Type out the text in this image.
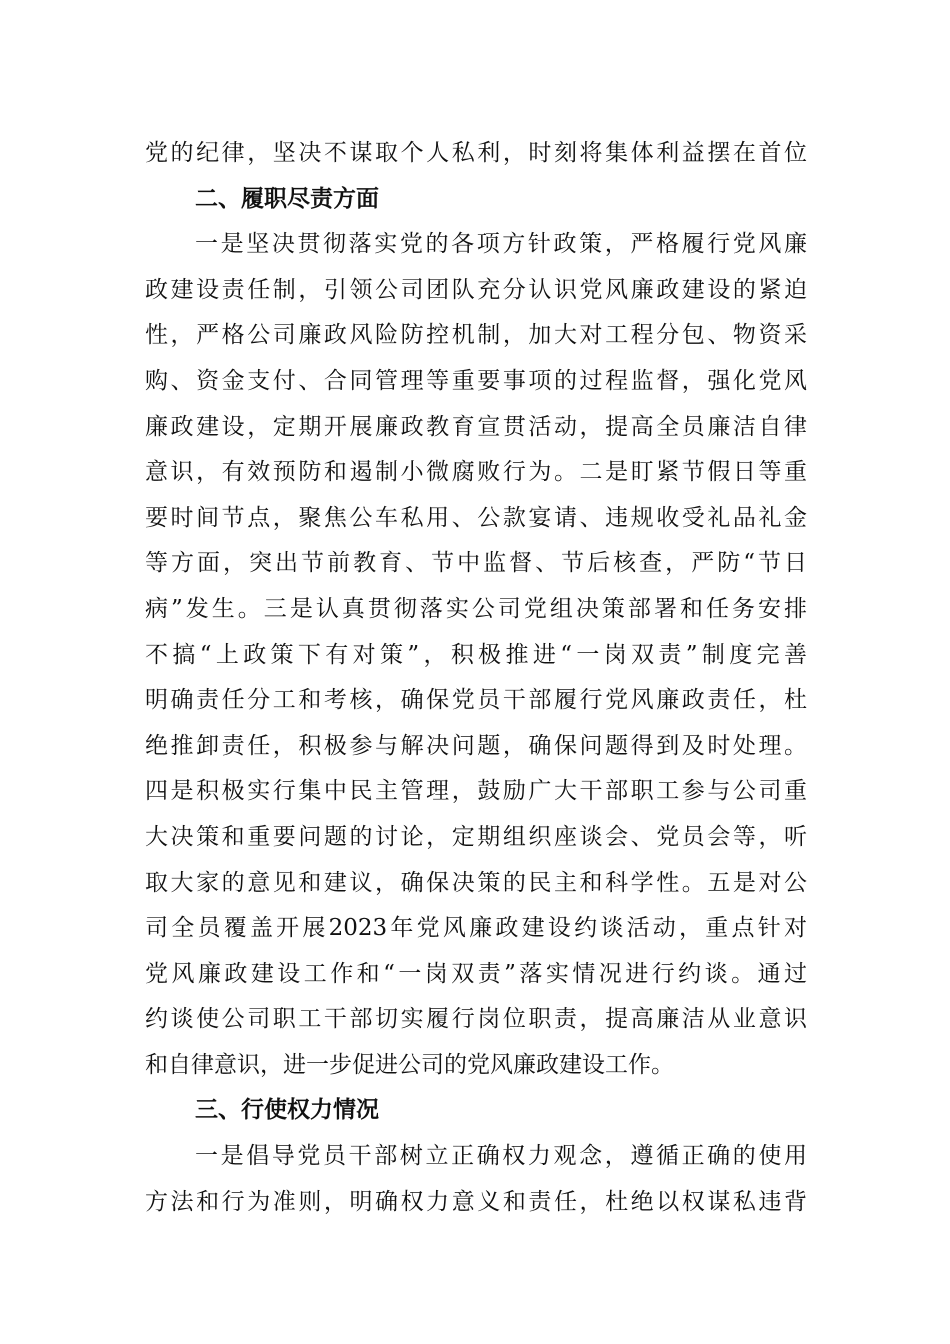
党的纪律，坚决不谋取个人私利，时刻将集体利益摆在首位
二、履职尽责方面
一是坚决贯彻落实党的各项方针政策，严格履行党风廉
政建设责任制，引领公司团队充分认识党风廉政建设的紧迫
性，严格公司廉政风险防控机制，加大对工程分包、物资采
购、资金支付、合同管理等重要事项的过程监督，强化党风
廉政建设，定期开展廉政教育宣贯活动，提高全员廉洁自律
意识，有效预防和遏制小微腐败行为。二是盯紧节假日等重
要时间节点，聚焦公车私用、公款宴请、违规收受礼品礼金
等方面，突出节前教育、节中监督、节后核查，严防“节日
病”发生。三是认真贯彻落实公司党组决策部署和任务安排
不搞“上政策下有对策”，积极推进“一岗双责”制度完善
明确责任分工和考核，确保党员干部履行党风廉政责任，杜
绝推卸责任，积极参与解决问题，确保问题得到及时处理。
四是积极实行集中民主管理，鼓励广大干部职工参与公司重
大决策和重要问题的讨论，定期组织座谈会、党员会等，听
取大家的意见和建议，确保决策的民主和科学性。五是对公
司全员覆盖开展2023年党风廉政建设约谈活动，重点针对
党风廉政建设工作和“一岗双责”落实情况进行约谈。通过
约谈使公司职工干部切实履行岗位职责，提高廉洁从业意识
和自律意识，进一步促进公司的党风廉政建设工作。
三、行使权力情况
一是倡导党员干部树立正确权力观念，遵循正确的使用
方法和行为准则，明确权力意义和责任，杜绝以权谋私违背
